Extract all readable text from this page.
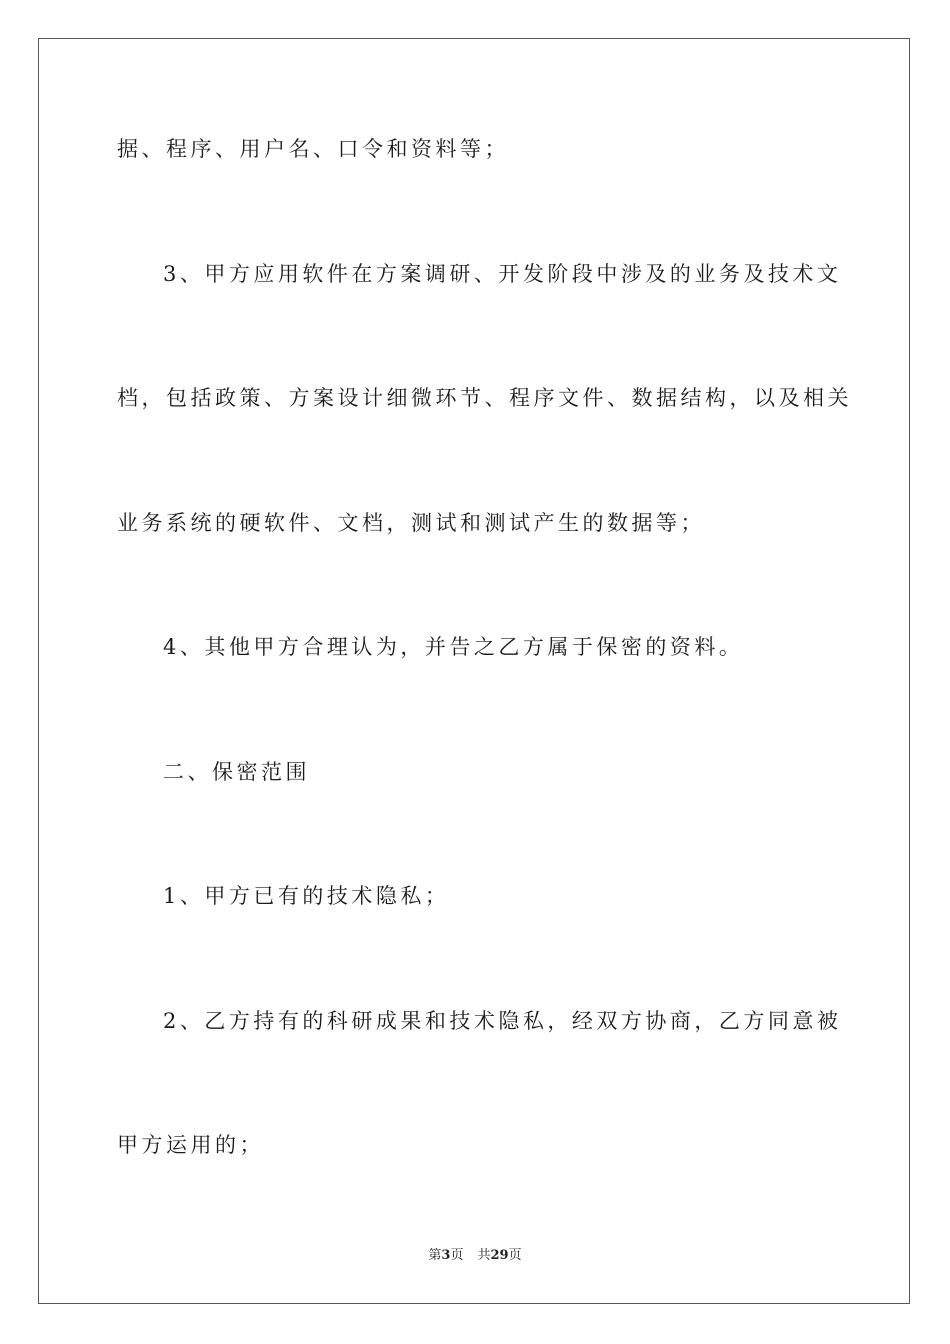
据、程序、用户名、口令和资料等；
3、甲方应用软件在方案调研、开发阶段中涉及的业务及技术文
档，包括政策、方案设计细微环节、程序文件、数据结构，以及相关
业务系统的硬软件、文档，测试和测试产生的数据等；
4、其他甲方合理认为，并告之乙方属于保密的资料。
二、保密范围
1、甲方已有的技术隐私；
2、乙方持有的科研成果和技术隐私，经双方协商，乙方同意被
甲方运用的；
第3页 共29页
